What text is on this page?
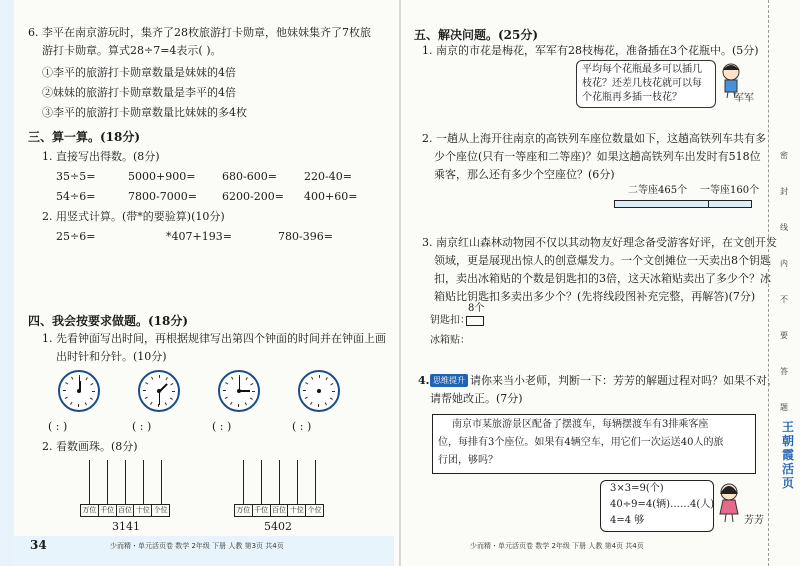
6. 李平在南京游玩时，集齐了28枚旅游打卡勋章，他妹妹集齐了7枚旅
游打卡勋章。算式28÷7=4表示( )。
①李平的旅游打卡勋章数量是妹妹的4倍
②妹妹的旅游打卡勋章数量是李平的4倍
③李平的旅游打卡勋章数量比妹妹的多4枚
三、算一算。(18分)
1. 直接写出得数。(8分)
35÷5=	5000+900= 680-600= 220-40=
54÷6=	7800-7000= 6200-200= 400+60=
2. 用竖式计算。(带*的要验算)(10分)
25÷6=	*407+193=	780-396=
四、我会按要求做题。(18分)
1. 先看钟面写出时间，再根据规律写出第四个钟面的时间并在钟面上画
出时针和分针。(10分)
( : )	( : )	( : )	( : )
2. 看数画珠。(8分)
万位 千位 百位 十位 个位
3141
万位 千位 百位 十位 个位
5402
34	少而精・单元活页卷 数学 2年级 下册 人教 第3页 共4页
五、解决问题。(25分)
1. 南京的市花是梅花，军军有28枝梅花，准备插在3个花瓶中。(5分)
平均每个花瓶最多可以插几
枝花？还差几枝花就可以每
个花瓶再多插一枝花？	军军
2. 一趟从上海开往南京的高铁列车座位数量如下，这趟高铁列车共有多
少个座位(只有一等座和二等座)？如果这趟高铁列车出发时有518位
乘客，那么还有多少个空座位？(6分)
二等座465个 一等座160个
3. 南京红山森林动物园不仅以其动物友好理念备受游客好评，在文创开发
领域，更是展现出惊人的创意爆发力。一个文创摊位一天卖出8个钥匙
扣，卖出冰箱贴的个数是钥匙扣的3倍，这天冰箱贴卖出了多少个？冰
箱贴比钥匙扣多卖出多少个？(先将线段图补充完整，再解答)(7分)
8个
钥匙扣：
冰箱贴：
4. 思维提升 请你来当小老师，判断一下：芳芳的解题过程对吗？如果不对，
请帮她改正。(7分)
南京市某旅游景区配备了摆渡车，每辆摆渡车有3排乘客座
位，每排有3个座位。如果有4辆空车，用它们一次运送40人的旅
行团，够吗？
3×3=9(个)
40÷9=4(辆)……4(人)
4=4 够	芳芳
少而精・单元活页卷 数学 2年级 下册 人教 第4页 共4页
密
封
线
内
不
要
答
题
王朝霞活页
